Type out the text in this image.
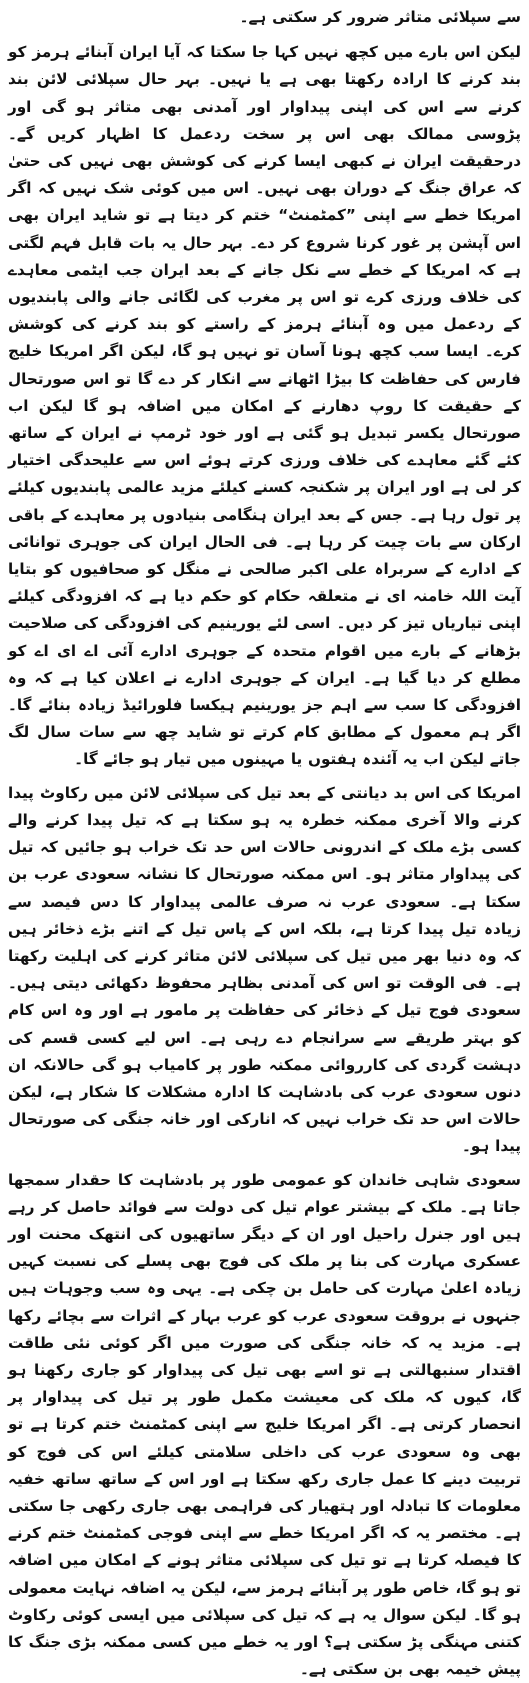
سے سپلائی متاثر ضرور کر سکتی ہے۔

لیکن اس بارے میں کچھ نہیں کہا جا سکتا کہ آیا ایران آبنائے ہرمز کو بند کرنے کا ارادہ رکھتا بھی ہے یا نہیں۔ بہر حال سپلائی لائن بند کرنے سے اس کی اپنی پیداوار اور آمدنی بھی متاثر ہو گی اور پڑوسی ممالک بھی اس پر سخت ردعمل کا اظہار کریں گے۔ درحقیقت ایران نے کبھی ایسا کرنے کی کوشش بھی نہیں کی حتیٰ کہ عراق جنگ کے دوران بھی نہیں۔ اس میں کوئی شک نہیں کہ اگر امریکا خطے سے اپنی ”کمٹمنٹ“ ختم کر دیتا ہے تو شاید ایران بھی اس آپشن پر غور کرنا شروع کر دے۔ بہر حال یہ بات قابل فہم لگتی ہے کہ امریکا کے خطے سے نکل جانے کے بعد ایران جب ایٹمی معاہدے کی خلاف ورزی کرے تو اس پر مغرب کی لگائی جانے والی پابندیوں کے ردعمل میں وہ آبنائے ہرمز کے راستے کو بند کرنے کی کوشش کرے۔ ایسا سب کچھ ہونا آسان تو نہیں ہو گا، لیکن اگر امریکا خلیج فارس کی حفاظت کا بیڑا اٹھانے سے انکار کر دے گا تو اس صورتحال کے حقیقت کا روپ دھارنے کے امکان میں اضافہ ہو گا لیکن اب صورتحال یکسر تبدیل ہو گئی ہے اور خود ٹرمپ نے ایران کے ساتھ کئے گئے معاہدے کی خلاف ورزی کرتے ہوئے اس سے علیحدگی اختیار کر لی ہے اور ایران پر شکنجہ کسنے کیلئے مزید عالمی پابندیوں کیلئے پر تول رہا ہے۔ جس کے بعد ایران ہنگامی بنیادوں پر معاہدے کے باقی ارکان سے بات چیت کر رہا ہے۔ فی الحال ایران کی جوہری توانائی کے ادارے کے سربراہ علی اکبر صالحی نے منگل کو صحافیوں کو بتایا آیت اللہ خامنہ ای نے متعلقہ حکام کو حکم دیا ہے کہ افزودگی کیلئے اپنی تیاریاں تیز کر دیں۔ اسی لئے یورینیم کی افزودگی کی صلاحیت بڑھانے کے بارے میں اقوام متحدہ کے جوہری ادارے آئی اے ای اے کو مطلع کر دیا گیا ہے۔ ایران کے جوہری ادارے نے اعلان کیا ہے کہ وہ افزودگی کا سب سے اہم جز یورینیم ہیکسا فلورائیڈ زیادہ بنائے گا۔ اگر ہم معمول کے مطابق کام کرتے تو شاید چھ سے سات سال لگ جاتے لیکن اب یہ آئندہ ہفتوں یا مہینوں میں تیار ہو جائے گا۔

امریکا کی اس بد دیانتی کے بعد تیل کی سپلائی لائن میں رکاوٹ پیدا کرنے والا آخری ممکنہ خطرہ یہ ہو سکتا ہے کہ تیل پیدا کرنے والے کسی بڑے ملک کے اندرونی حالات اس حد تک خراب ہو جائیں کہ تیل کی پیداوار متاثر ہو۔ اس ممکنہ صورتحال کا نشانہ سعودی عرب بن سکتا ہے۔ سعودی عرب نہ صرف عالمی پیداوار کا دس فیصد سے زیادہ تیل پیدا کرتا ہے، بلکہ اس کے پاس تیل کے اتنے بڑے ذخائر ہیں کہ وہ دنیا بھر میں تیل کی سپلائی لائن متاثر کرنے کی اہلیت رکھتا ہے۔ فی الوقت تو اس کی آمدنی بظاہر محفوظ دکھائی دیتی ہیں۔ سعودی فوج تیل کے ذخائر کی حفاظت پر مامور ہے اور وہ اس کام کو بہتر طریقے سے سرانجام دے رہی ہے۔ اس لیے کسی قسم کی دہشت گردی کی کارروائی ممکنہ طور پر کامیاب ہو گی حالانکہ ان دنوں سعودی عرب کی بادشاہت کا ادارہ مشکلات کا شکار ہے، لیکن حالات اس حد تک خراب نہیں کہ انارکی اور خانہ جنگی کی صورتحال پیدا ہو۔

سعودی شاہی خاندان کو عمومی طور پر بادشاہت کا حقدار سمجھا جاتا ہے۔ ملک کے بیشتر عوام تیل کی دولت سے فوائد حاصل کر رہے ہیں اور جنرل راحیل اور ان کے دیگر ساتھیوں کی انتھک محنت اور عسکری مہارت کی بنا پر ملک کی فوج بھی پسلے کی نسبت کہیں زیادہ اعلیٰ مہارت کی حامل بن چکی ہے۔ یہی وہ سب وجوہات ہیں جنہوں نے بروقت سعودی عرب کو عرب بہار کے اثرات سے بچائے رکھا ہے۔ مزید یہ کہ خانہ جنگی کی صورت میں اگر کوئی نئی طاقت اقتدار سنبھالتی ہے تو اسے بھی تیل کی پیداوار کو جاری رکھنا ہو گا، کیوں کہ ملک کی معیشت مکمل طور پر تیل کی پیداوار پر انحصار کرتی ہے۔ اگر امریکا خلیج سے اپنی کمٹمنٹ ختم کرتا ہے تو بھی وہ سعودی عرب کی داخلی سلامتی کیلئے اس کی فوج کو تربیت دینے کا عمل جاری رکھ سکتا ہے اور اس کے ساتھ ساتھ خفیہ معلومات کا تبادلہ اور ہتھیار کی فراہمی بھی جاری رکھی جا سکتی ہے۔ مختصر یہ کہ اگر امریکا خطے سے اپنی فوجی کمٹمنٹ ختم کرنے کا فیصلہ کرتا ہے تو تیل کی سپلائی متاثر ہونے کے امکان میں اضافہ تو ہو گا، خاص طور پر آبنائے ہرمز سے، لیکن یہ اضافہ نہایت معمولی ہو گا۔ لیکن سوال یہ ہے کہ تیل کی سپلائی میں ایسی کوئی رکاوٹ کتنی مہنگی پڑ سکتی ہے؟ اور یہ خطے میں کسی ممکنہ بڑی جنگ کا پیش خیمہ بھی بن سکتی ہے۔
